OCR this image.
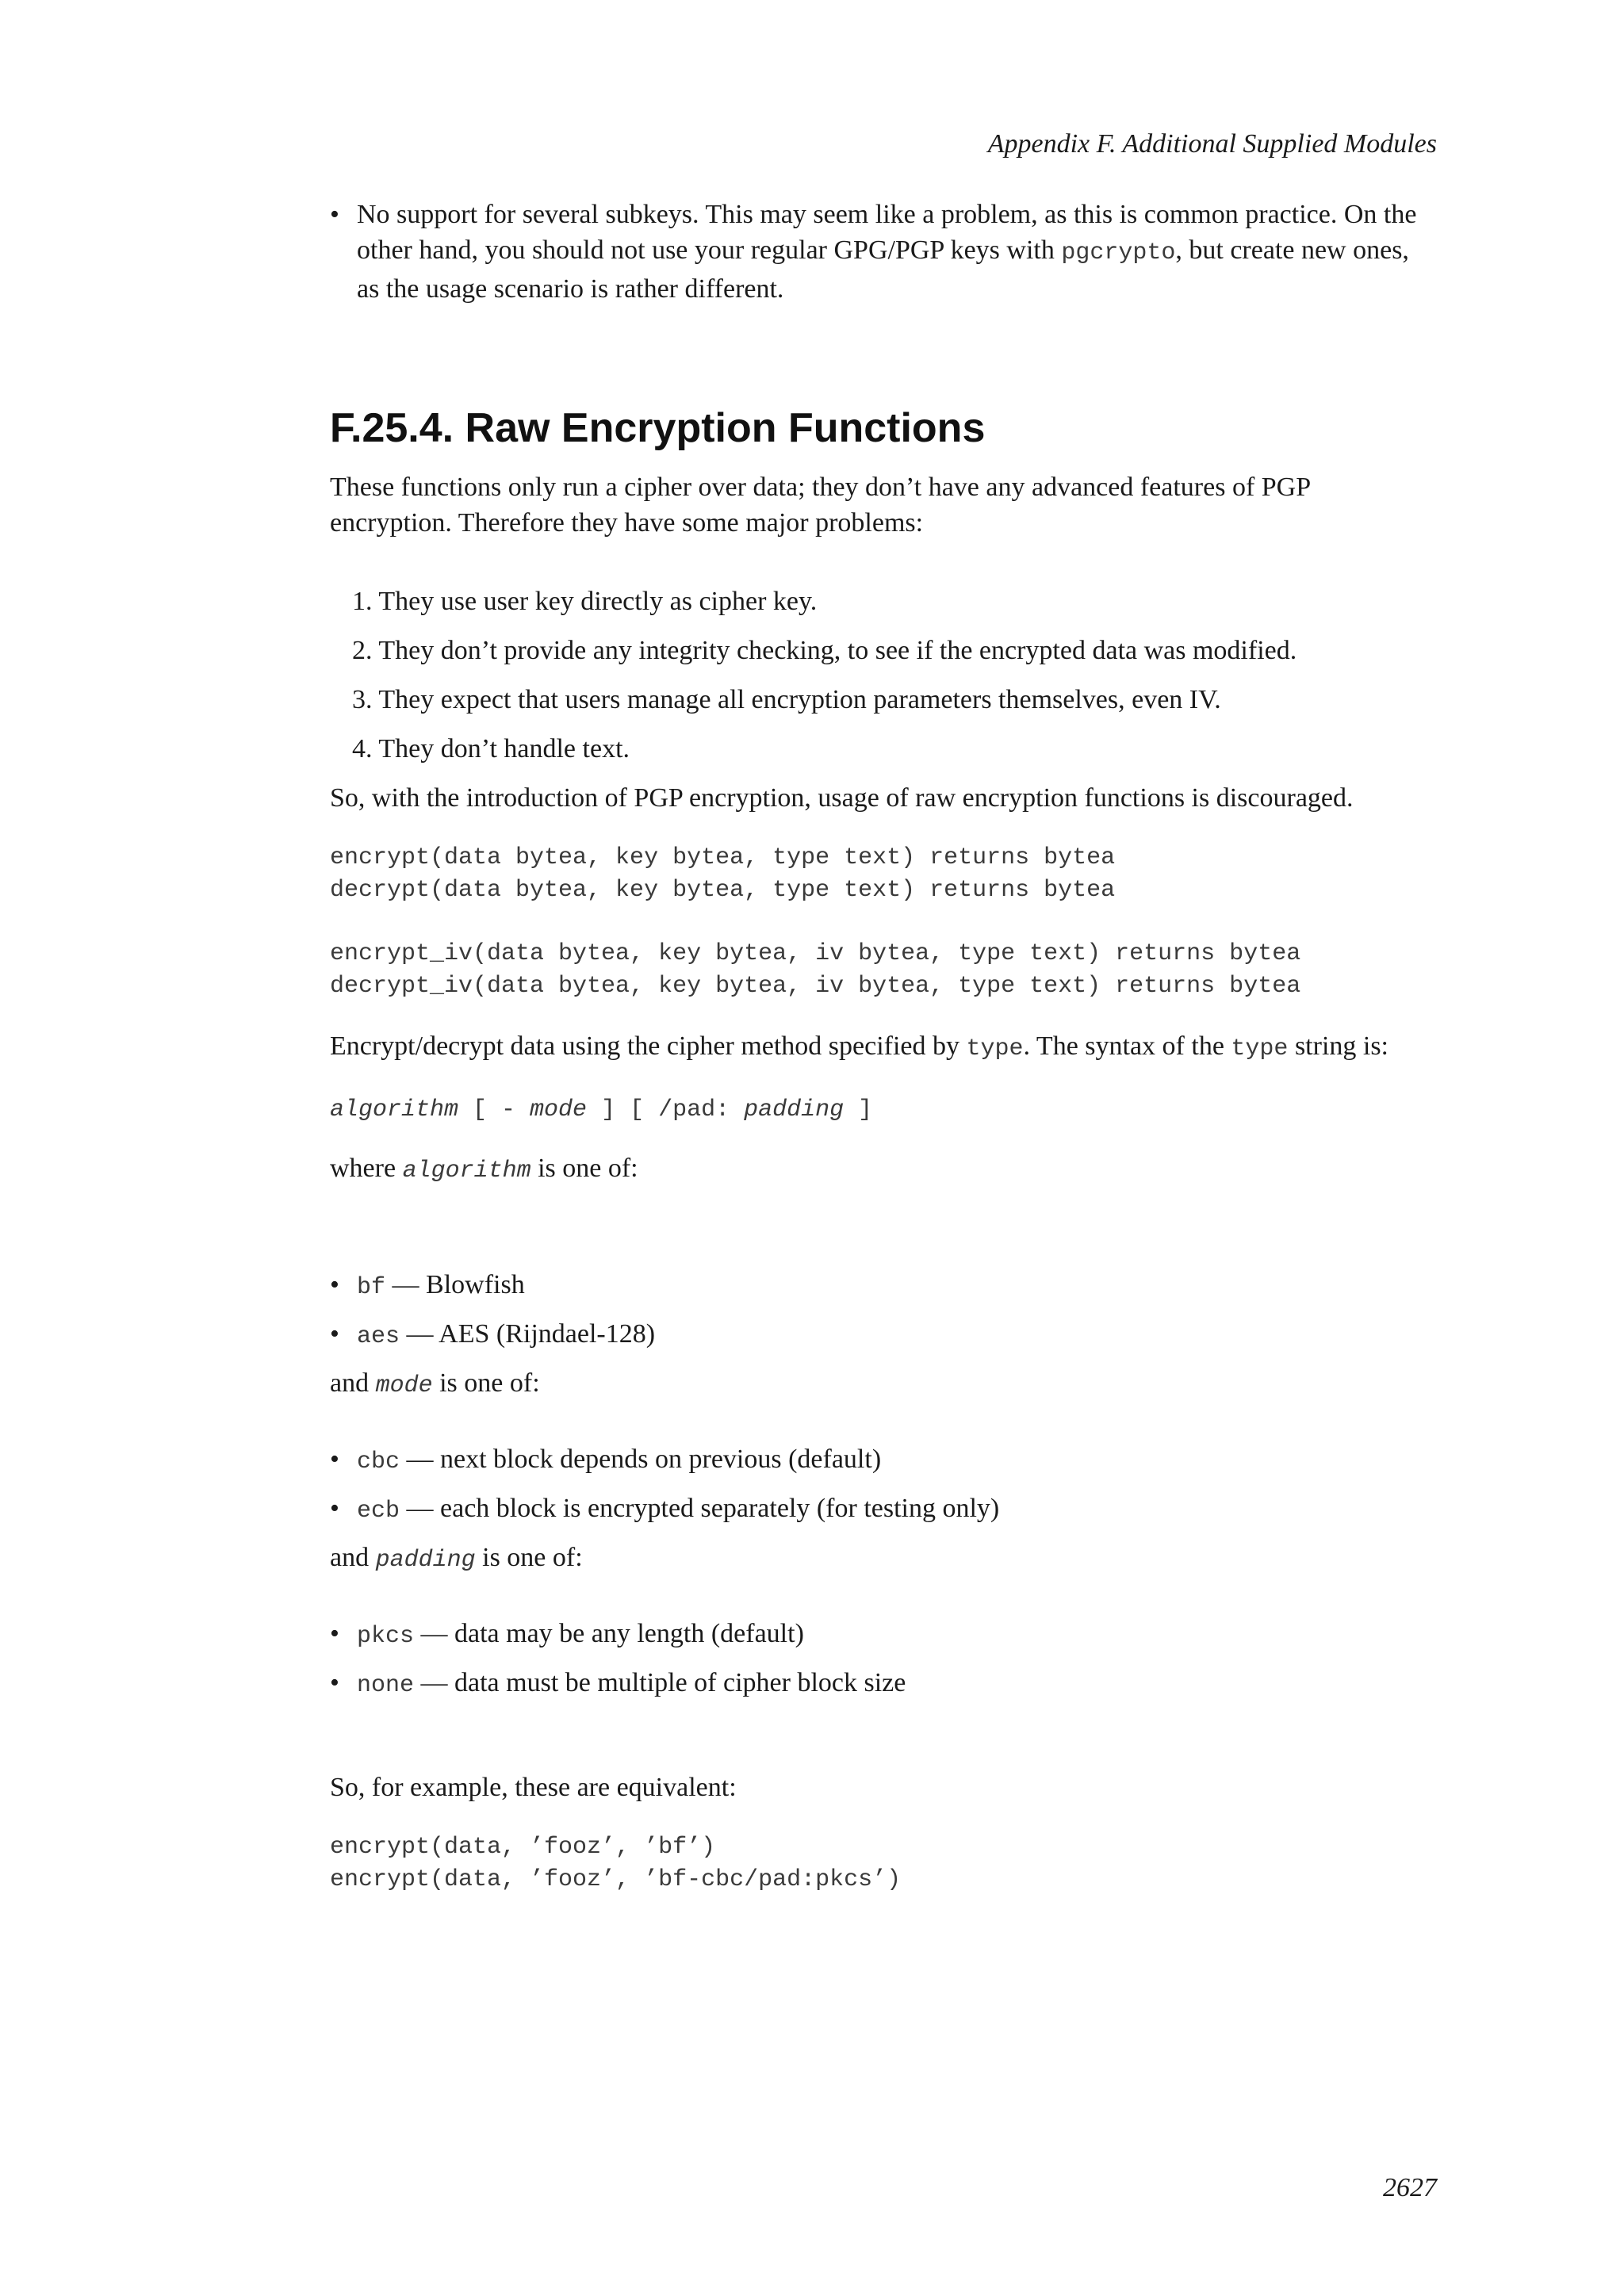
Appendix F. Additional Supplied Modules
• No support for several subkeys. This may seem like a problem, as this is common practice. On the other hand, you should not use your regular GPG/PGP keys with pgcrypto, but create new ones, as the usage scenario is rather different.
F.25.4. Raw Encryption Functions

These functions only run a cipher over data; they don’t have any advanced features of PGP encryption. Therefore they have some major problems:

1. They use user key directly as cipher key.
2. They don’t provide any integrity checking, to see if the encrypted data was modified.
3. They expect that users manage all encryption parameters themselves, even IV.
4. They don’t handle text.

So, with the introduction of PGP encryption, usage of raw encryption functions is discouraged.

encrypt(data bytea, key bytea, type text) returns bytea
decrypt(data bytea, key bytea, type text) returns bytea
encrypt_iv(data bytea, key bytea, iv bytea, type text) returns bytea
decrypt_iv(data bytea, key bytea, iv bytea, type text) returns bytea

Encrypt/decrypt data using the cipher method specified by type. The syntax of the type string is:

algorithm [ - mode ] [ /pad: padding ]

where algorithm is one of:

• bf — Blowfish
• aes — AES (Rijndael-128)

and mode is one of:

• cbc — next block depends on previous (default)
• ecb — each block is encrypted separately (for testing only)

and padding is one of:

• pkcs — data may be any length (default)
• none — data must be multiple of cipher block size

So, for example, these are equivalent:

encrypt(data, ’fooz’, ’bf’)
encrypt(data, ’fooz’, ’bf-cbc/pad:pkcs’)
2627
